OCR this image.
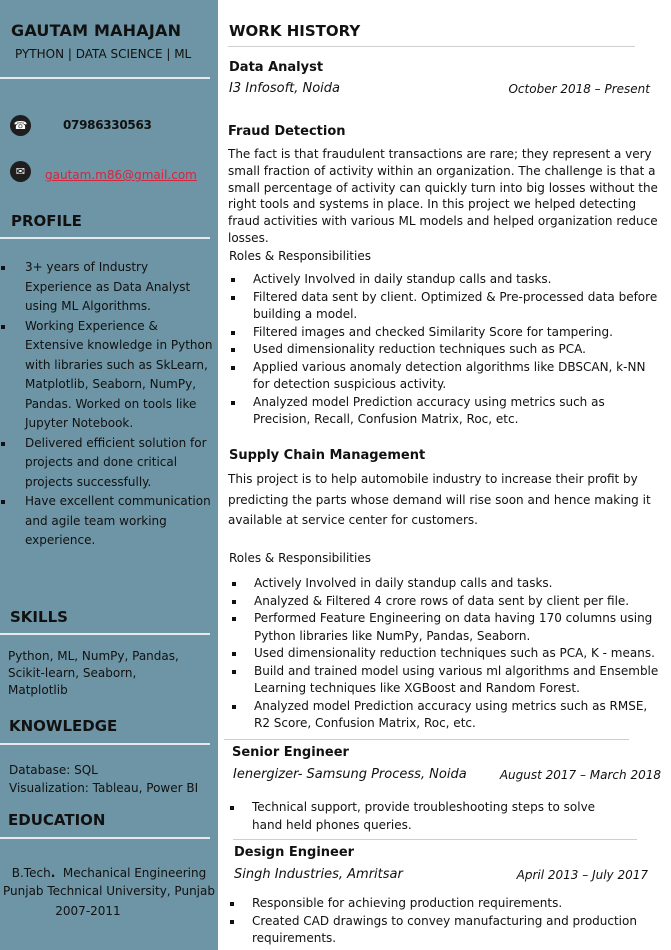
GAUTAM MAHAJAN
PYTHON | DATA SCIENCE | ML
☎	07986330563
✉	gautam.m86@gmail.com
PROFILE
3+ years of Industry Experience as Data Analyst using ML Algorithms.
Working Experience & Extensive knowledge in Python with libraries such as SkLearn, Matplotlib, Seaborn, NumPy, Pandas. Worked on tools like Jupyter Notebook.
Delivered efficient solution for projects and done critical projects successfully.
Have excellent communication and agile team working experience.
SKILLS
Python, ML, NumPy, Pandas, Scikit-learn, Seaborn, Matplotlib
KNOWLEDGE
Database: SQL
Visualization: Tableau, Power BI
EDUCATION
B.Tech. Mechanical Engineering
Punjab Technical University, Punjab
2007-2011
WORK HISTORY
Data Analyst
I3 Infosoft, Noida	October 2018 – Present
Fraud Detection
The fact is that fraudulent transactions are rare; they represent a very small fraction of activity within an organization. The challenge is that a small percentage of activity can quickly turn into big losses without the right tools and systems in place. In this project we helped detecting fraud activities with various ML models and helped organization reduce losses.
Roles & Responsibilities
Actively Involved in daily standup calls and tasks.
Filtered data sent by client. Optimized & Pre-processed data before building a model.
Filtered images and checked Similarity Score for tampering.
Used dimensionality reduction techniques such as PCA.
Applied various anomaly detection algorithms like DBSCAN, k-NN for detection suspicious activity.
Analyzed model Prediction accuracy using metrics such as Precision, Recall, Confusion Matrix, Roc, etc.
Supply Chain Management
This project is to help automobile industry to increase their profit by predicting the parts whose demand will rise soon and hence making it available at service center for customers.
Roles & Responsibilities
Actively Involved in daily standup calls and tasks.
Analyzed & Filtered 4 crore rows of data sent by client per file.
Performed Feature Engineering on data having 170 columns using Python libraries like NumPy, Pandas, Seaborn.
Used dimensionality reduction techniques such as PCA, K - means.
Build and trained model using various ml algorithms and Ensemble Learning techniques like XGBoost and Random Forest.
Analyzed model Prediction accuracy using metrics such as RMSE, R2 Score, Confusion Matrix, Roc, etc.
Senior Engineer
Ienergizer- Samsung Process, Noida	August 2017 – March 2018
Technical support, provide troubleshooting steps to solve hand held phones queries.
Design Engineer
Singh Industries, Amritsar	April 2013 – July 2017
Responsible for achieving production requirements.
Created CAD drawings to convey manufacturing and production requirements.
